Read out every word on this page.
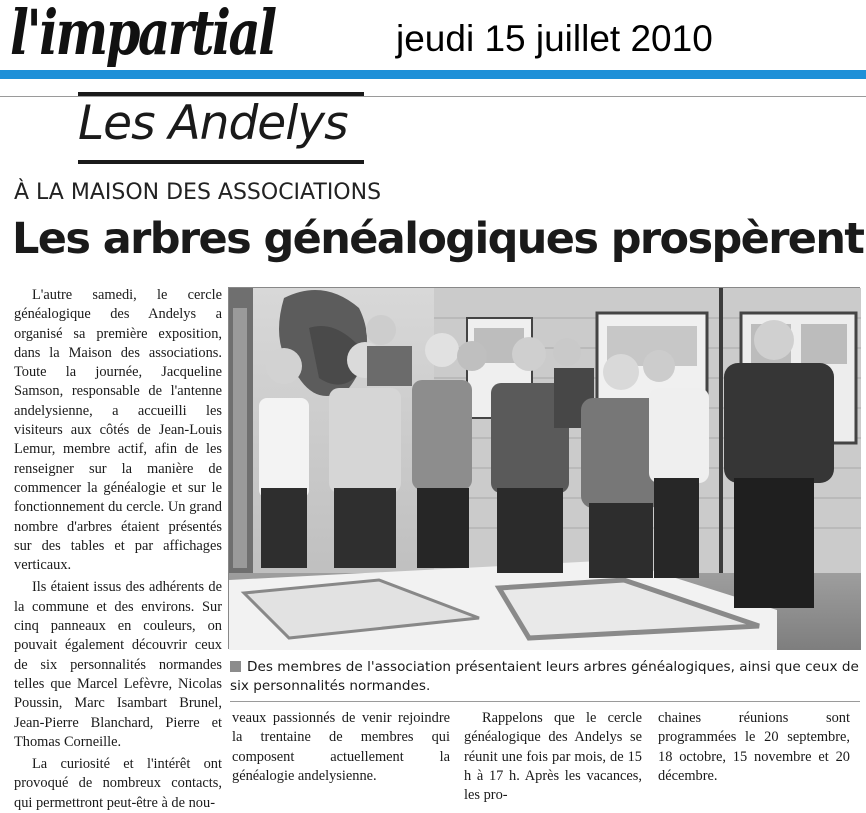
l'impartial	jeudi 15 juillet 2010
Les Andelys
À LA MAISON DES ASSOCIATIONS
Les arbres généalogiques prospèrent

L'autre samedi, le cercle généalogique des Andelys a organisé sa première exposition, dans la Maison des associations. Toute la journée, Jacqueline Samson, responsable de l'antenne andelysienne, a accueilli les visiteurs aux côtés de Jean-Louis Lemur, membre actif, afin de les renseigner sur la manière de commencer la généalogie et sur le fonctionnement du cercle. Un grand nombre d'arbres étaient présentés sur des tables et par affichages verticaux.

Ils étaient issus des adhérents de la commune et des environs. Sur cinq panneaux en couleurs, on pouvait également découvrir ceux de six personnalités normandes telles que Marcel Lefèvre, Nicolas Poussin, Marc Isambart Brunel, Jean-Pierre Blanchard, Pierre et Thomas Corneille.

La curiosité et l'intérêt ont provoqué de nombreux contacts, qui permettront peut-être à de nou-

Des membres de l'association présentaient leurs arbres généalogiques, ainsi que ceux de six personnalités normandes.

veaux passionnés de venir rejoindre la trentaine de membres qui composent actuellement la généalogie andelysienne.

Rappelons que le cercle généalogique des Andelys se réunit une fois par mois, de 15 h à 17 h. Après les vacances, les pro-

chaines réunions sont programmées le 20 septembre, 18 octobre, 15 novembre et 20 décembre.
